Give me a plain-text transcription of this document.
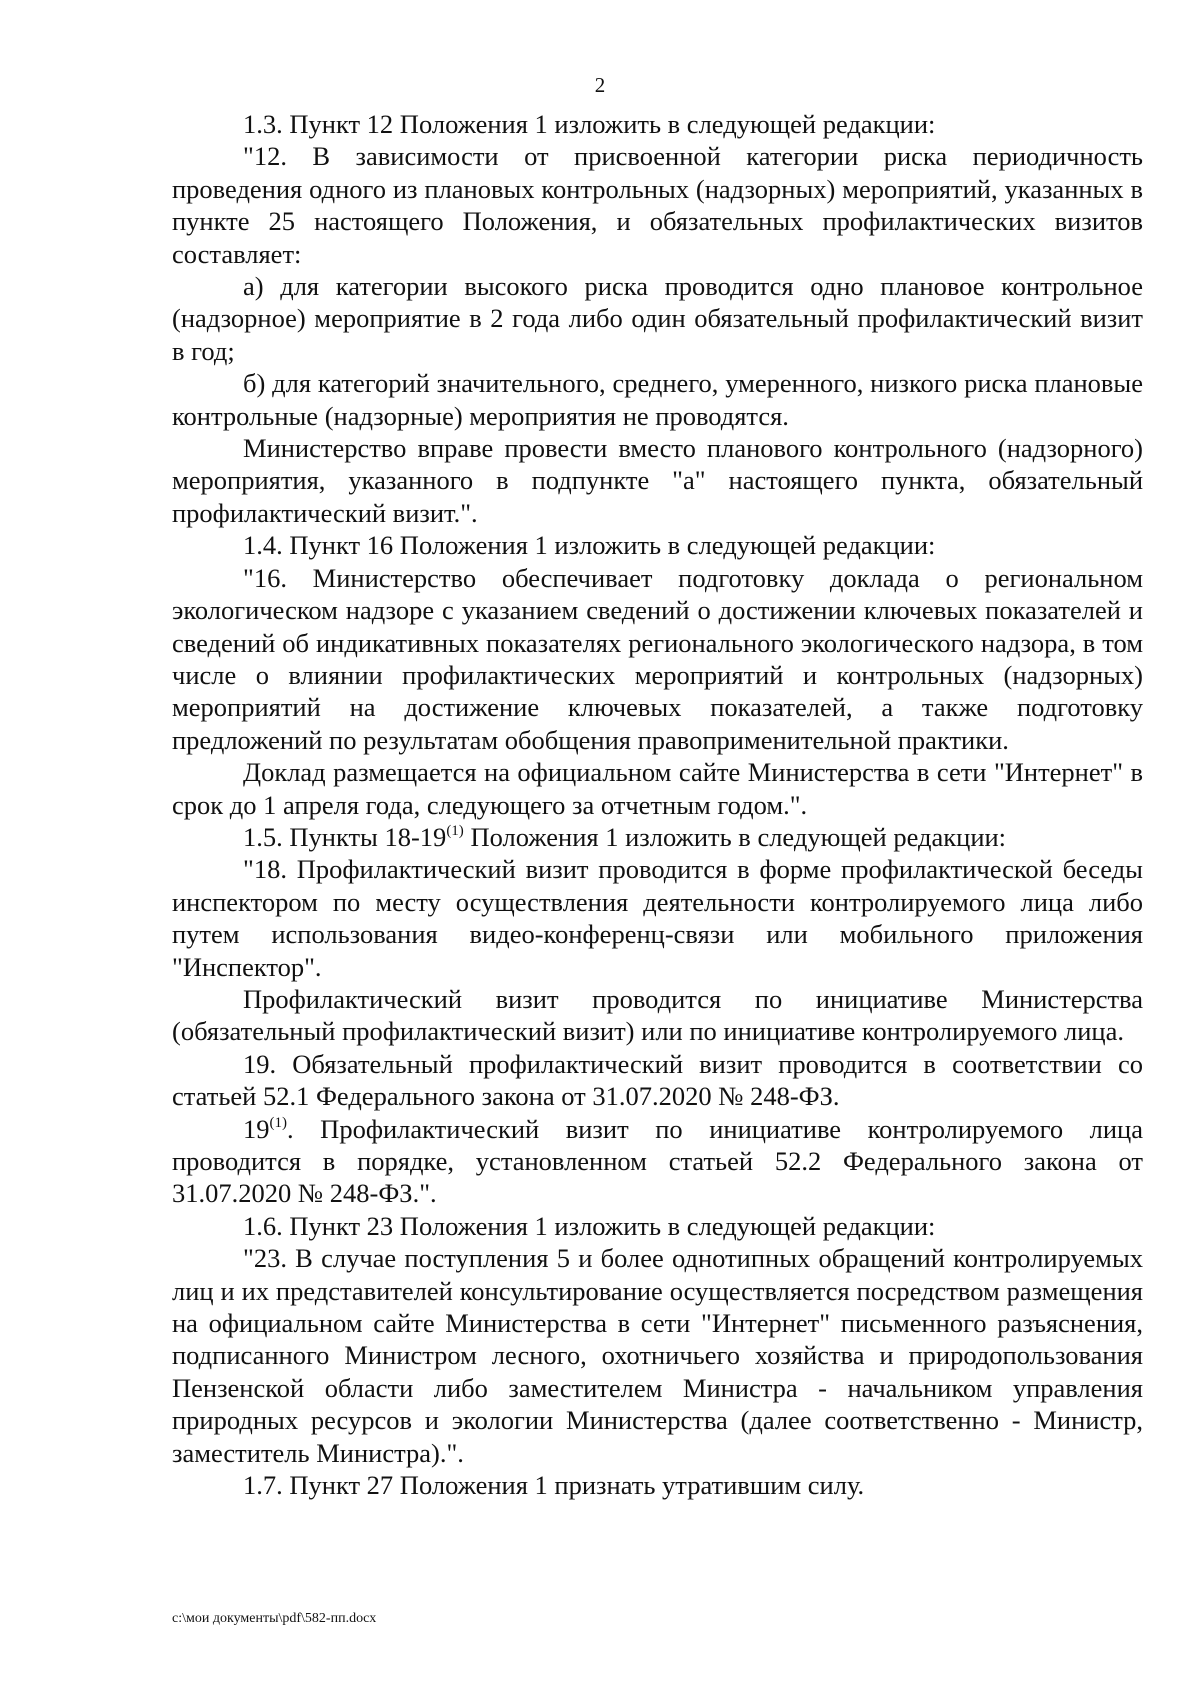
2

1.3. Пункт 12 Положения 1 изложить в следующей редакции:

"12. В зависимости от присвоенной категории риска периодичность проведения одного из плановых контрольных (надзорных) мероприятий, указанных в пункте 25 настоящего Положения, и обязательных профилактических визитов составляет:

а) для категории высокого риска проводится одно плановое контрольное (надзорное) мероприятие в 2 года либо один обязательный профилактический визит в год;

б) для категорий значительного, среднего, умеренного, низкого риска плановые контрольные (надзорные) мероприятия не проводятся.

Министерство вправе провести вместо планового контрольного (надзорного) мероприятия, указанного в подпункте "а" настоящего пункта, обязательный профилактический визит.".

1.4. Пункт 16 Положения 1 изложить в следующей редакции:

"16. Министерство обеспечивает подготовку доклада о региональном экологическом надзоре с указанием сведений о достижении ключевых показателей и сведений об индикативных показателях регионального экологического надзора, в том числе о влиянии профилактических мероприятий и контрольных (надзорных) мероприятий на достижение ключевых показателей, а также подготовку предложений по результатам обобщения правоприменительной практики.

Доклад размещается на официальном сайте Министерства в сети "Интернет" в срок до 1 апреля года, следующего за отчетным годом.".

1.5. Пункты 18-19$^{(1)}$ Положения 1 изложить в следующей редакции:

"18. Профилактический визит проводится в форме профилактической беседы инспектором по месту осуществления деятельности контролируемого лица либо путем использования видео-конференц-связи или мобильного приложения "Инспектор".

Профилактический визит проводится по инициативе Министерства (обязательный профилактический визит) или по инициативе контролируемого лица.

19. Обязательный профилактический визит проводится в соответствии со статьей 52.1 Федерального закона от 31.07.2020 № 248-ФЗ.

19$^{(1)}$. Профилактический визит по инициативе контролируемого лица проводится в порядке, установленном статьей 52.2 Федерального закона от 31.07.2020 № 248-ФЗ.".

1.6. Пункт 23 Положения 1 изложить в следующей редакции:

"23. В случае поступления 5 и более однотипных обращений контролируемых лиц и их представителей консультирование осуществляется посредством размещения на официальном сайте Министерства в сети "Интернет" письменного разъяснения, подписанного Министром лесного, охотничьего хозяйства и природопользования Пензенской области либо заместителем Министра - начальником управления природных ресурсов и экологии Министерства (далее соответственно - Министр, заместитель Министра).".

1.7. Пункт 27 Положения 1 признать утратившим силу.

c:\мои документы\pdf\582-пп.docx
